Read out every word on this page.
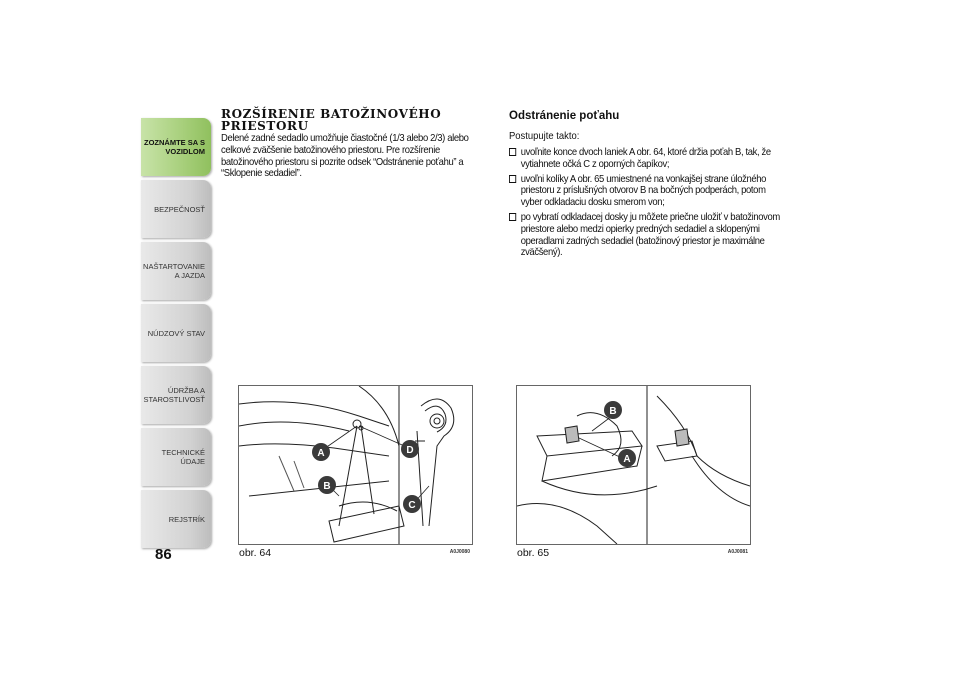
ZOZNÁMTE SA S VOZIDLOM
BEZPEČNOSŤ
NAŠTARTOVANIE A JAZDA
NÚDZOVÝ STAV
ÚDRŽBA A STAROSTLIVOSŤ
TECHNICKÉ ÚDAJE
REJSTRÍK
86
ROZŠÍRENIE BATOŽINOVÉHO PRIESTORU

Delené zadné sedadlo umožňuje čiastočné (1/3 alebo 2/3) alebo celkové zväčšenie batožinového priestoru. Pre rozšírenie batožinového priestoru si pozrite odsek “Odstránenie poťahu” a “Sklopenie sedadiel”.

Odstránenie poťahu

Postupujte takto:

uvoľnite konce dvoch laniek A obr. 64, ktoré držia poťah B, tak, že vytiahnete očká C z oporných čapíkov;
uvoľni kolíky A obr. 65 umiestnené na vonkajšej strane úložného priestoru z príslušných otvorov B na bočných podperách, potom vyber odkladaciu dosku smerom von;
po vybratí odkladacej dosky ju môžete priečne uložiť v batožinovom priestore alebo medzi opierky predných sedadiel a sklopenými operadlami zadných sedadiel (batožinový priestor je maximálne zväčšený).
A
B
D
C
obr. 64	A0J0080
B
A
obr. 65	A0J0081
